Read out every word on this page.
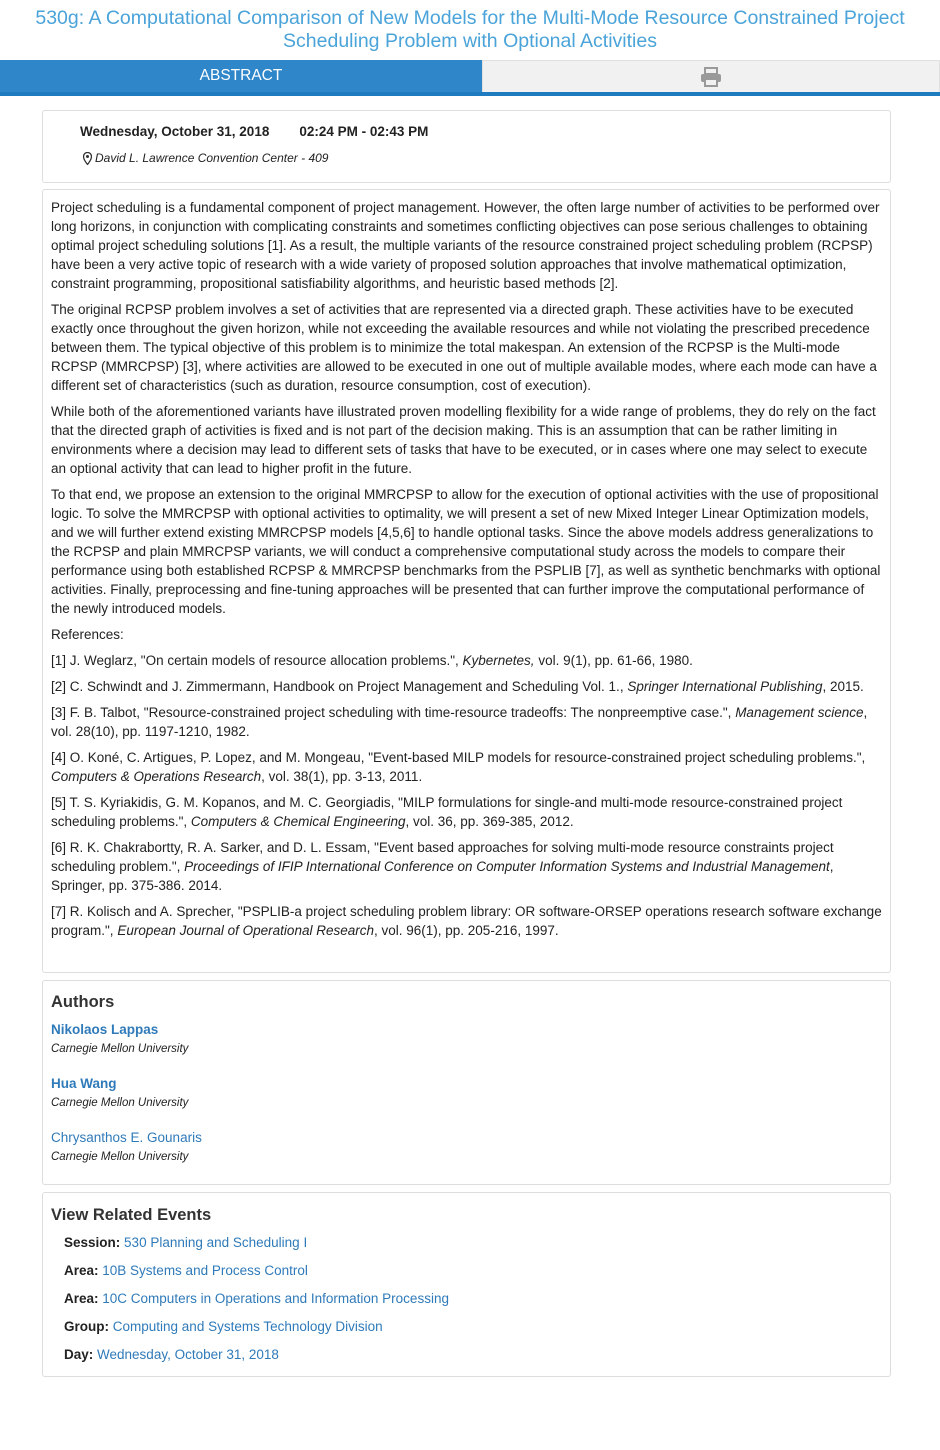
530g: A Computational Comparison of New Models for the Multi-Mode Resource Constrained Project Scheduling Problem with Optional Activities
ABSTRACT
Wednesday, October 31, 2018 02:24 PM - 02:43 PM
David L. Lawrence Convention Center - 409

Project scheduling is a fundamental component of project management. However, the often large number of activities to be performed over long horizons, in conjunction with complicating constraints and sometimes conflicting objectives can pose serious challenges to obtaining optimal project scheduling solutions [1]. As a result, the multiple variants of the resource constrained project scheduling problem (RCPSP) have been a very active topic of research with a wide variety of proposed solution approaches that involve mathematical optimization, constraint programming, propositional satisfiability algorithms, and heuristic based methods [2].

The original RCPSP problem involves a set of activities that are represented via a directed graph. These activities have to be executed exactly once throughout the given horizon, while not exceeding the available resources and while not violating the prescribed precedence between them. The typical objective of this problem is to minimize the total makespan. An extension of the RCPSP is the Multi-mode RCPSP (MMRCPSP) [3], where activities are allowed to be executed in one out of multiple available modes, where each mode can have a different set of characteristics (such as duration, resource consumption, cost of execution).

While both of the aforementioned variants have illustrated proven modelling flexibility for a wide range of problems, they do rely on the fact that the directed graph of activities is fixed and is not part of the decision making. This is an assumption that can be rather limiting in environments where a decision may lead to different sets of tasks that have to be executed, or in cases where one may select to execute an optional activity that can lead to higher profit in the future.

To that end, we propose an extension to the original MMRCPSP to allow for the execution of optional activities with the use of propositional logic. To solve the MMRCPSP with optional activities to optimality, we will present a set of new Mixed Integer Linear Optimization models, and we will further extend existing MMRCPSP models [4,5,6] to handle optional tasks. Since the above models address generalizations to the RCPSP and plain MMRCPSP variants, we will conduct a comprehensive computational study across the models to compare their performance using both established RCPSP & MMRCPSP benchmarks from the PSPLIB [7], as well as synthetic benchmarks with optional activities. Finally, preprocessing and fine-tuning approaches will be presented that can further improve the computational performance of the newly introduced models.

References:

[1] J. Weglarz, "On certain models of resource allocation problems.", Kybernetes, vol. 9(1), pp. 61-66, 1980.

[2] C. Schwindt and J. Zimmermann, Handbook on Project Management and Scheduling Vol. 1., Springer International Publishing, 2015.

[3] F. B. Talbot, "Resource-constrained project scheduling with time-resource tradeoffs: The nonpreemptive case.", Management science, vol. 28(10), pp. 1197-1210, 1982.

[4] O. Koné, C. Artigues, P. Lopez, and M. Mongeau, "Event-based MILP models for resource-constrained project scheduling problems.", Computers & Operations Research, vol. 38(1), pp. 3-13, 2011.

[5] T. S. Kyriakidis, G. M. Kopanos, and M. C. Georgiadis, "MILP formulations for single-and multi-mode resource-constrained project scheduling problems.", Computers & Chemical Engineering, vol. 36, pp. 369-385, 2012.

[6] R. K. Chakrabortty, R. A. Sarker, and D. L. Essam, "Event based approaches for solving multi-mode resource constraints project scheduling problem.", Proceedings of IFIP International Conference on Computer Information Systems and Industrial Management, Springer, pp. 375-386. 2014.

[7] R. Kolisch and A. Sprecher, "PSPLIB-a project scheduling problem library: OR software-ORSEP operations research software exchange program.", European Journal of Operational Research, vol. 96(1), pp. 205-216, 1997.

Authors
Nikolaos Lappas
Carnegie Mellon University
Hua Wang
Carnegie Mellon University
Chrysanthos E. Gounaris
Carnegie Mellon University
View Related Events
Session: 530 Planning and Scheduling I
Area: 10B Systems and Process Control
Area: 10C Computers in Operations and Information Processing
Group: Computing and Systems Technology Division
Day: Wednesday, October 31, 2018
